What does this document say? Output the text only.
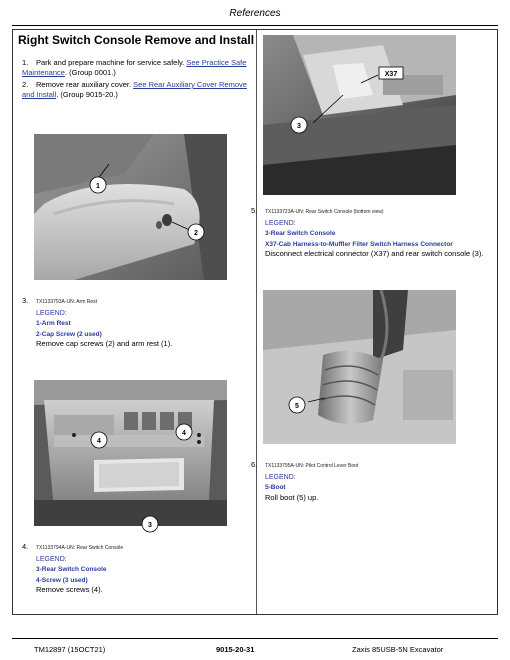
References
Right Switch Console Remove and Install
1. Park and prepare machine for service safely. See Practice Safe Maintenance. (Group 0001.)
2. Remove rear auxiliary cover. See Rear Auxiliary Cover Remove and Install. (Group 9015-20.)
1
2
3. TX1133793A-UN: Arm Rest
LEGEND:
1-Arm Rest
2-Cap Screw (2 used)
Remove cap screws (2) and arm rest (1).
4
4
3
4. TX1133794A-UN: Rear Switch Console
LEGEND:
3-Rear Switch Console
4-Screw (3 used)
Remove screws (4).
X37
3
5. TX1133723A-UN: Rear Switch Console (bottom view)
LEGEND:
3-Rear Switch Console
X37-Cab Harness-to-Muffler Filter Switch Harness Connector
Disconnect electrical connector (X37) and rear switch console (3).
5
6. TX1133795A-UN: Pilot Control Lever Boot
LEGEND:
5-Boot
Roll boot (5) up.
TM12897 (15OCT21)	9015-20-31	Zaxis 85USB-5N Excavator
